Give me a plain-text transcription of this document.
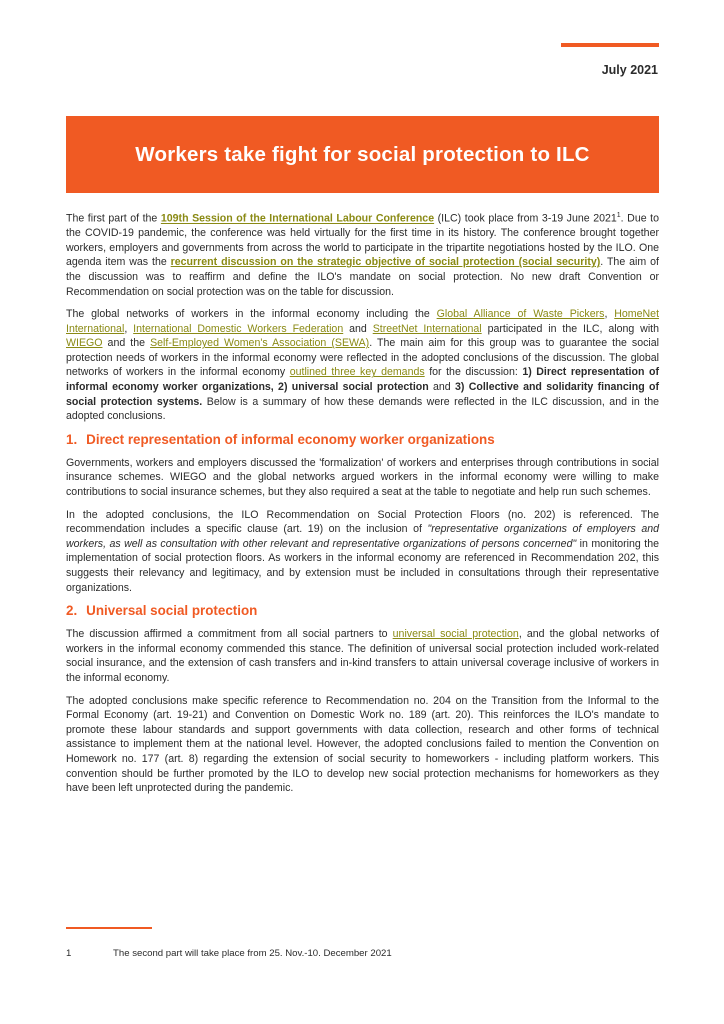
July 2021
Workers take fight for social protection to ILC

The first part of the 109th Session of the International Labour Conference (ILC) took place from 3-19 June 2021$^1$. Due to the COVID-19 pandemic, the conference was held virtually for the first time in its history. The conference brought together workers, employers and governments from across the world to participate in the tripartite negotiations hosted by the ILO. One agenda item was the recurrent discussion on the strategic objective of social protection (social security). The aim of the discussion was to reaffirm and define the ILO's mandate on social protection. No new draft Convention or Recommendation on social protection was on the table for discussion.

The global networks of workers in the informal economy including the Global Alliance of Waste Pickers, HomeNet International, International Domestic Workers Federation and StreetNet International participated in the ILC, along with WIEGO and the Self-Employed Women's Association (SEWA). The main aim for this group was to guarantee the social protection needs of workers in the informal economy were reflected in the adopted conclusions of the discussion. The global networks of workers in the informal economy outlined three key demands for the discussion: 1) Direct representation of informal economy worker organizations, 2) universal social protection and 3) Collective and solidarity financing of social protection systems. Below is a summary of how these demands were reflected in the ILC discussion, and in the adopted conclusions.

1. Direct representation of informal economy worker organizations

Governments, workers and employers discussed the 'formalization' of workers and enterprises through contributions in social insurance schemes. WIEGO and the global networks argued workers in the informal economy were willing to make contributions to social insurance schemes, but they also required a seat at the table to negotiate and help run such schemes.

In the adopted conclusions, the ILO Recommendation on Social Protection Floors (no. 202) is referenced. The recommendation includes a specific clause (art. 19) on the inclusion of "representative organizations of employers and workers, as well as consultation with other relevant and representative organizations of persons concerned" in monitoring the implementation of social protection floors. As workers in the informal economy are referenced in Recommendation 202, this suggests their relevancy and legitimacy, and by extension must be included in consultations through their representative organizations.

2. Universal social protection

The discussion affirmed a commitment from all social partners to universal social protection, and the global networks of workers in the informal economy commended this stance. The definition of universal social protection included work-related social insurance, and the extension of cash transfers and in-kind transfers to attain universal coverage inclusive of workers in the informal economy.

The adopted conclusions make specific reference to Recommendation no. 204 on the Transition from the Informal to the Formal Economy (art. 19-21) and Convention on Domestic Work no. 189 (art. 20). This reinforces the ILO's mandate to promote these labour standards and support governments with data collection, research and other forms of technical assistance to implement them at the national level. However, the adopted conclusions failed to mention the Convention on Homework no. 177 (art. 8) regarding the extension of social security to homeworkers - including platform workers. This convention should be further promoted by the ILO to develop new social protection mechanisms for homeworkers as they have been left unprotected during the pandemic.

1	The second part will take place from 25. Nov.-10. December 2021
